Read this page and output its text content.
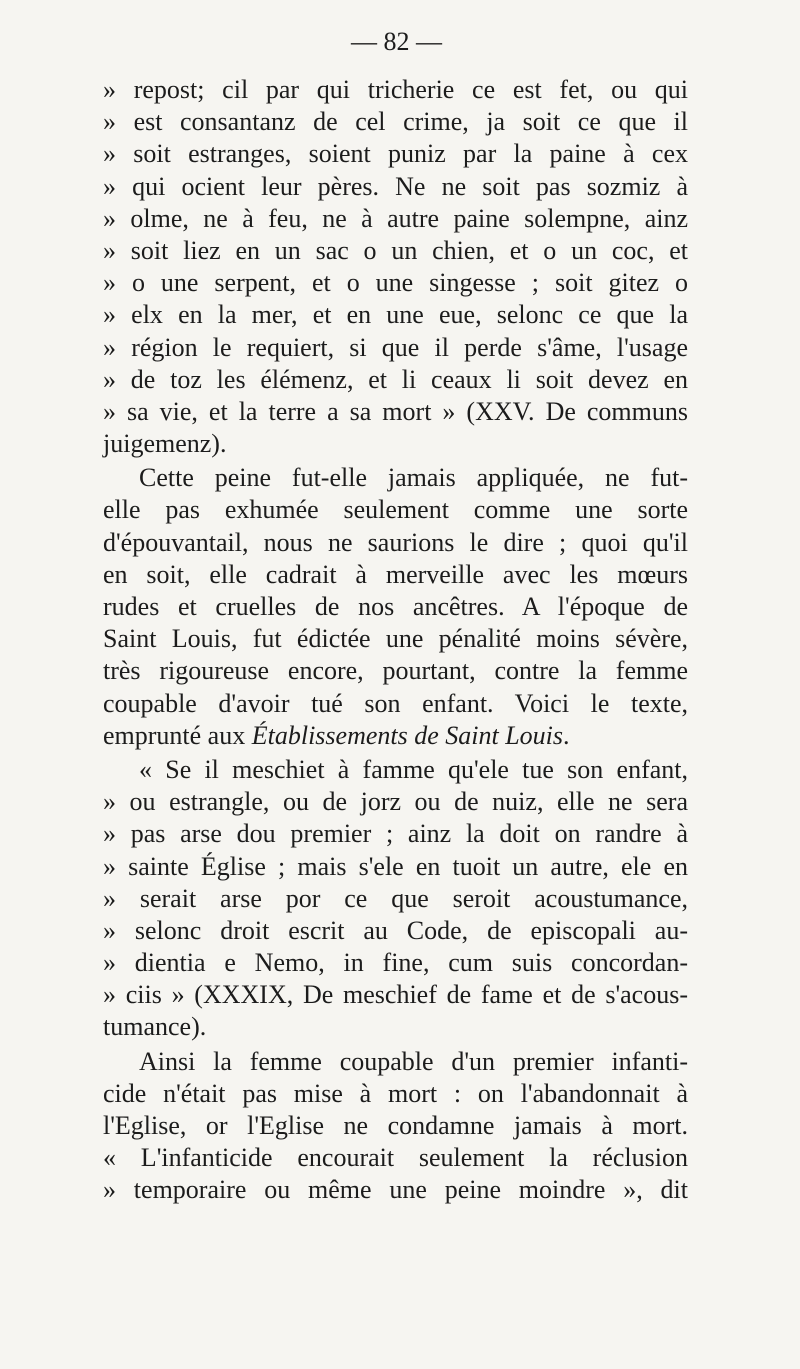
— 82 —
» repost; cil par qui tricherie ce est fet, ou qui
» est consantanz de cel crime, ja soit ce que il
» soit estranges, soient puniz par la paine à cex
» qui ocient leur pères. Ne ne soit pas sozmiz à
» olme, ne à feu, ne à autre paine solempne, ainz
» soit liez en un sac o un chien, et o un coc, et
» o une serpent, et o une singesse ; soit gitez o
» elx en la mer, et en une eue, selonc ce que la
» région le requiert, si que il perde s'âme, l'usage
» de toz les élémenz, et li ceaux li soit devez en
» sa vie, et la terre a sa mort » (XXV. De communs
juigemenz).
Cette peine fut-elle jamais appliquée, ne fut-
elle pas exhumée seulement comme une sorte
d'épouvantail, nous ne saurions le dire ; quoi qu'il
en soit, elle cadrait à merveille avec les mœurs
rudes et cruelles de nos ancêtres. A l'époque de
Saint Louis, fut édictée une pénalité moins sévère,
très rigoureuse encore, pourtant, contre la femme
coupable d'avoir tué son enfant. Voici le texte,
emprunté aux Établissements de Saint Louis.
« Se il meschiet à famme qu'ele tue son enfant,
» ou estrangle, ou de jorz ou de nuiz, elle ne sera
» pas arse dou premier ; ainz la doit on randre à
» sainte Église ; mais s'ele en tuoit un autre, ele en
» serait arse por ce que seroit acoustumance,
» selonc droit escrit au Code, de episcopali au-
» dientia e Nemo, in fine, cum suis concordan-
» ciis » (XXXIX, De meschief de fame et de s'acous-
tumance).
Ainsi la femme coupable d'un premier infanti-
cide n'était pas mise à mort : on l'abandonnait à
l'Eglise, or l'Eglise ne condamne jamais à mort.
« L'infanticide encourait seulement la réclusion
» temporaire ou même une peine moindre », dit
